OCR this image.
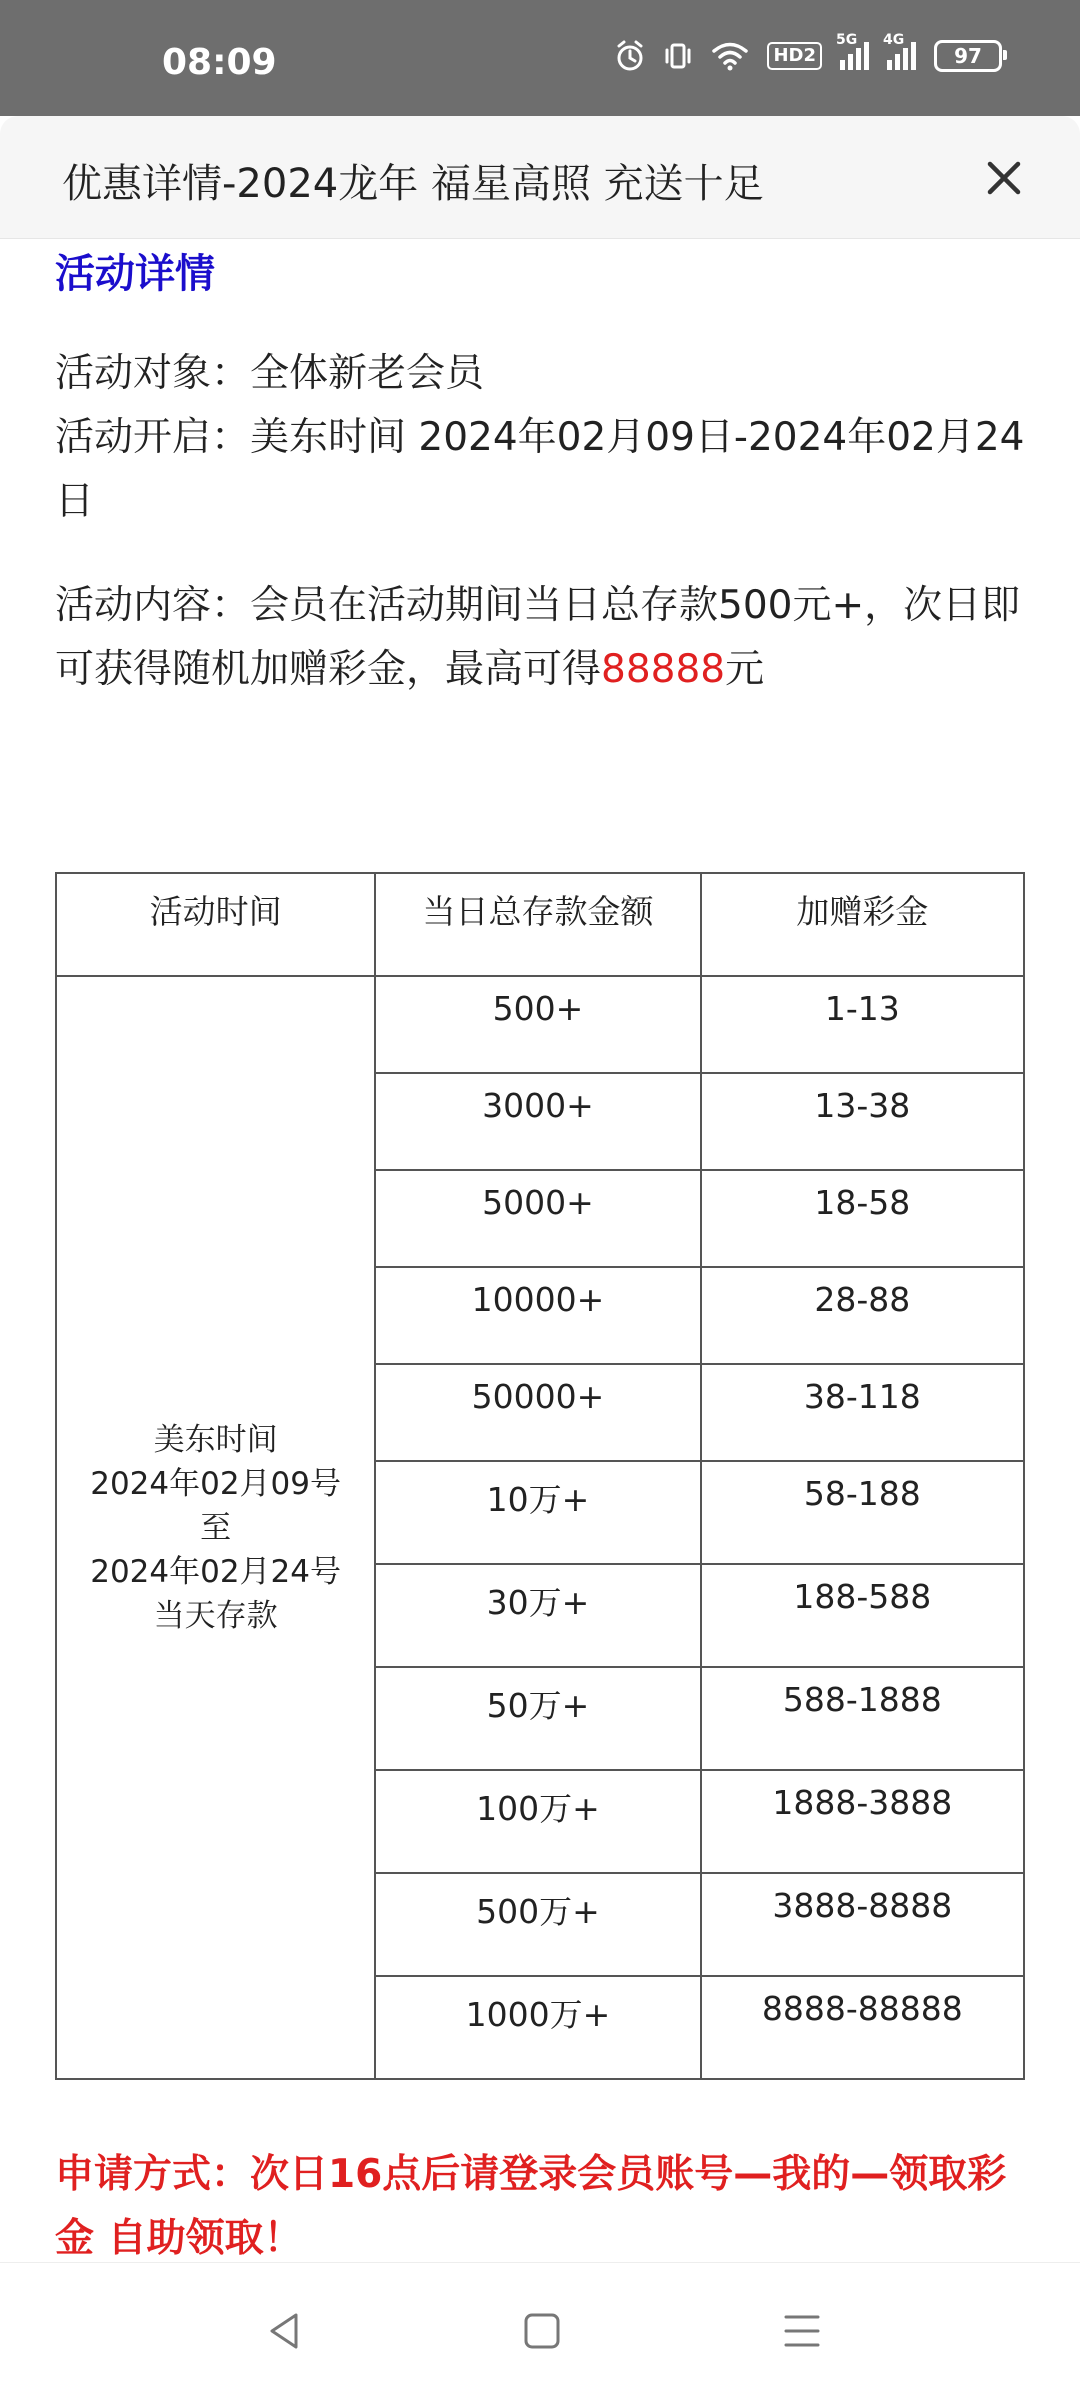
08:09	HD2
5G 4G
97
优惠详情-2024龙年 福星高照 充送十足
活动详情
活动对象：全体新老会员
活动开启：美东时间 2024年02月09日-2024年02月24日
活动内容：会员在活动期间当日总存款500元+，次日即可获得随机加赠彩金，最高可得88888元
活动时间	当日总存款金额	加赠彩金

美东时间
2024年02月09号
至
2024年02月24号
当天存款	500+	1-13
	3000+	13-38
	5000+	18-58
	10000+	28-88
	50000+	38-118
	10万+	58-188
	30万+	188-588
	50万+	588-1888
	100万+	1888-3888
	500万+	3888-8888
	1000万+	8888-88888
申请方式：次日16点后请登录会员账号—我的—领取彩金 自助领取！
